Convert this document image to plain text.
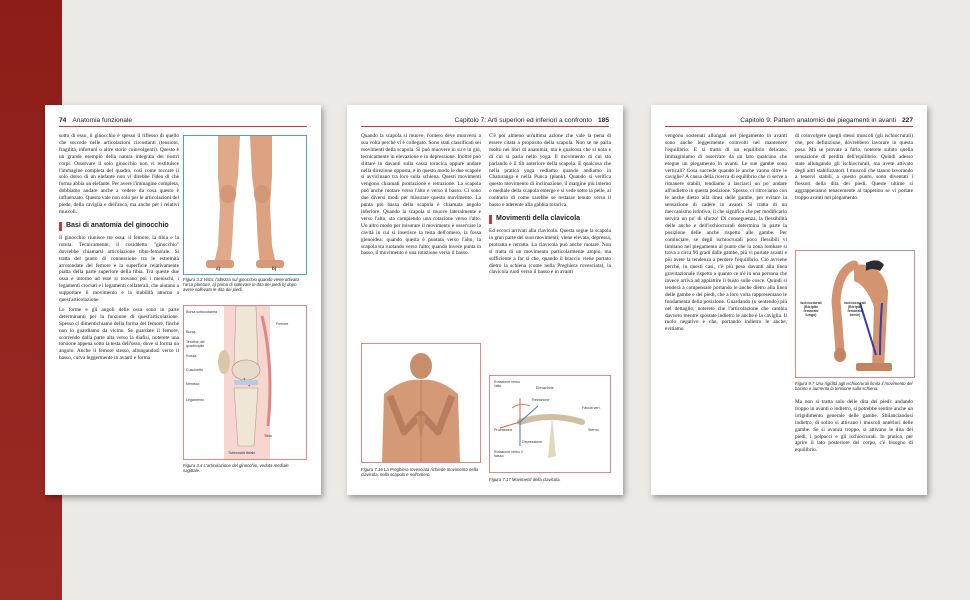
74 Anatomia funzionale

sotto di esso, il ginocchio è spesso il riflesso di quello che succede nelle articolazioni circostanti (tensioni, fragilità, infortuni o altre storie coinvolgenti). Questo è un grande esempio della natura integrata dei nostri corpi. Osservare il solo ginocchio non vi restituisce l'immagine completa del quadro, così come toccare il solo dorso di un elefante non vi direbbe l'idea di che forma abbia un elefante. Per avere l'immagine completa, dobbiamo andare anche a vedere da cosa questo è influenzato. Questo vale non solo per le articolazioni del piede, della caviglia e dell'anca, ma anche per i relativi muscoli.

Basi di anatomia del ginocchio

Il ginocchio riunisce tre ossa: il femore, la tibia e la rotula. Tecnicamente, il cosiddetto "ginocchio" dovrebbe chiamarsi articolazione tibio-femorale. Si tratta del punto di connessione tra le estremità arrotondate del femore e la superficie relativamente piatta della parte superiore della tibia. Tra queste due ossa e intorno ad esse si trovano poi i menischi, i legamenti crociati e i legamenti collaterali, che aiutano a supportare il movimento e la stabilità attorno a quest'articolazione.

Le forme e gli angoli delle ossa sono in parte determinanti per la funzione di quest'articolazione. Spesso ci dimentichiamo della forma del femore, finché non lo guardiamo da vicino. Se guardate il femore, scorrendo dalla parte alta verso la diafisi, noterete una torsione appena sotto la testa dell'osso, dove si forma un angolo. Anche il femore stesso, allungandosi verso il basso, curva leggermente in avanti e forma

a)	b)
Figura 3.3 Vista: l'altezza sul ginocchio quando viene attivato l'arco plantare, a) prima di sollevare le dita dei piedi b) dopo avere sollevato le dita dei piedi.
Borsa sottocutanea
Femore
Bursa
Tendine del quadricipite
Rotula
Cuscinetto
Menisco
Legamento
Tibia
Tuberosità tibiale
Figura 3.4 L'articolazione del ginocchio, veduta mediale sagittale.
Capitolo 7: Arti superiori ed inferiori a confronto 185

Quando la scapola si muove, l'omero deve muoversi a sua volta perché vi è collegato. Sono stati classificati sei movimenti della scapola. Si può muovere in su e in giù, tecnicamente in elevazione e in depressione. Inoltre può slittare in davanti sulla cassa toracica oppure andare nella direzione opposta, e in questo modo le due scapole si avvicinano tra loro sulla schiena. Questi movimenti vengono chiamati protrazione e retrazione. La scapola può anche ruotare verso l'alto e verso il basso. Ci sono due diversi modi per misurare questo movimento. La punta più bassa della scapola è chiamata angolo inferiore. Quando la scapola si muove lateralmente e verso l'alto, sta compiendo una rotazione verso l'alto. Un altro modo per misurare il movimento è osservare la cavità in cui si inserisce la testa dell'omero, la fossa glenoidea: quando questa è puntata verso l'alto, la scapola sta ruotando verso l'alto; quando invece punta in basso, il movimento è una rotazione verso il basso.

Figura 7.16 La Preghiera rovesciata richiede movimento nella clavicola, nella scapola e nell'omero.

C'è poi almeno un'ultima azione che vale la pena di essere citata a proposito della scapola. Non se ne parla molto nei libri di anatomia, ma è qualcosa che si nota e di cui si parla nello yoga. Il movimento di cui sto parlando è il tilt anteriore della scapola. E qualcosa che nella pratica yoga vediamo quando andiamo in Chaturanga e nella Punca (plank). Quando si verifica questo movimento di inclinazione, il margine più interno o mediale della scapola emerge e si vede sotto la pelle, al contrario di come sarebbe se restasse tenuto verso il basso e aderente alla gabbia toracica.

Movimenti della clavicola

Ed eccoci arrivati alla clavicola. Questa segue la scapola in gran parte dei suoi movimenti; viene elevata, depressa, protratta e retratta. La clavicola può anche ruotare. Non si tratta di un movimento particolarmente ampio, ma sufficiente a far sì che, quando il braccio viene portato dietro la schiena (come nella Preghiera rovesciata), la clavicola ruoti verso il basso e in avanti

Rotazione verso l'alto	Elevazione
Retrazione
Protrazione
Depressione
Rotazione verso il basso
Faccia vert.
Sterno
Figura 7.17 Movimenti della clavicola.
Capitolo 9: Pattern anatomici dei piegamenti in avanti 227

vengono sostenuti allungati nel piegamento in avanti sono anche leggermente coinvolti nel mantenere l'equilibrio. E si tratta di un equilibrio delicato. Immaginiamo di osservare da un lato qualcuno che esegue un piegamento in avanti. Le sue gambe sono verticali? Cosa succede quando le anche vanno oltre le caviglie? A causa della ricerca di equilibrio che ci serve a rimanere stabili, tendiamo a lasciarci un po' andare all'indietro in questa posizione. Spesso, ci ritroviamo con le anche dietro alla linea delle gambe, per evitare la sensazione di cadere in avanti. Si tratta di un meccanismo istintivo, il che significa che per modificarlo servirà un po' di sforzo! Di conseguenza, la flessibilità delle anche e dell'ischiocrurali determina in parte la posizione delle anche rispetto alle gambe. Per cominciare, se degli ischiocrurali poco flessibili vi limitano nel piegamento al punto che la zona lombare si trova a circa 90 gradi dalle gambe, più vi portate avanti e più avete la tendenza a perdere l'equilibrio. Ciò avviene perché, in questi casi, c'è più peso davanti alla linea gravitazionale rispetto a quanto ce n'è in una persona che invece arriva ad appiattire il busto sulle cosce. Quindi si tenderà a compensare portando le anche dietro alla linea delle gambe e dei piedi, che a loro volta rappresentano le fondamenta della posizione. Guardando (o sentendo) più nel dettaglio, noterete che l'articolazione che cambia davvero mentre spostate indietro le anche è la caviglia. Il ruolo negativo è che, portando indietro le anche, evitiamo

di coinvolgere quegli stessi muscoli (gli ischiocrurali) che, per definizione, dovrebbero lavorare in questa posa. Ma se provate a farlo, noterete subito quella sensazione di perdita dell'equilibrio. Quindi adesso state allungando gli ischiocrurali, ma avete attivato degli altri stabilizzatori. I muscoli che stanno lavorando a tenervi stabili, a questo punto, sono diventati i flessori della dita dei piedi. Queste ultime si aggrapperanno tenacemente al tappetino se vi portate troppo avanti nel piegamento.

Ischiocrurali (Bicipite femorale lungo)
Ischiocrurali (Bicipite femorale breve)
Figura 9.7 Una rigidità agli ischiocrurali limita il movimento del bacino e aumenta la tensione sulla schiena.

Ma non si tratta solo delle dita dei piedi: andando troppo in avanti o indietro, si potrebbe sentire anche un irrigidimento generale delle gambe. Sbilanciandosi indietro, di solito si attivano i muscoli anteriori delle gambe. Se si avanza troppo, si attivano le dita dei piedi, i polpacci e gli ischiocrurali. In pratica, per aprire il lato posteriore del corpo, c'è bisogno di equilibrio.
